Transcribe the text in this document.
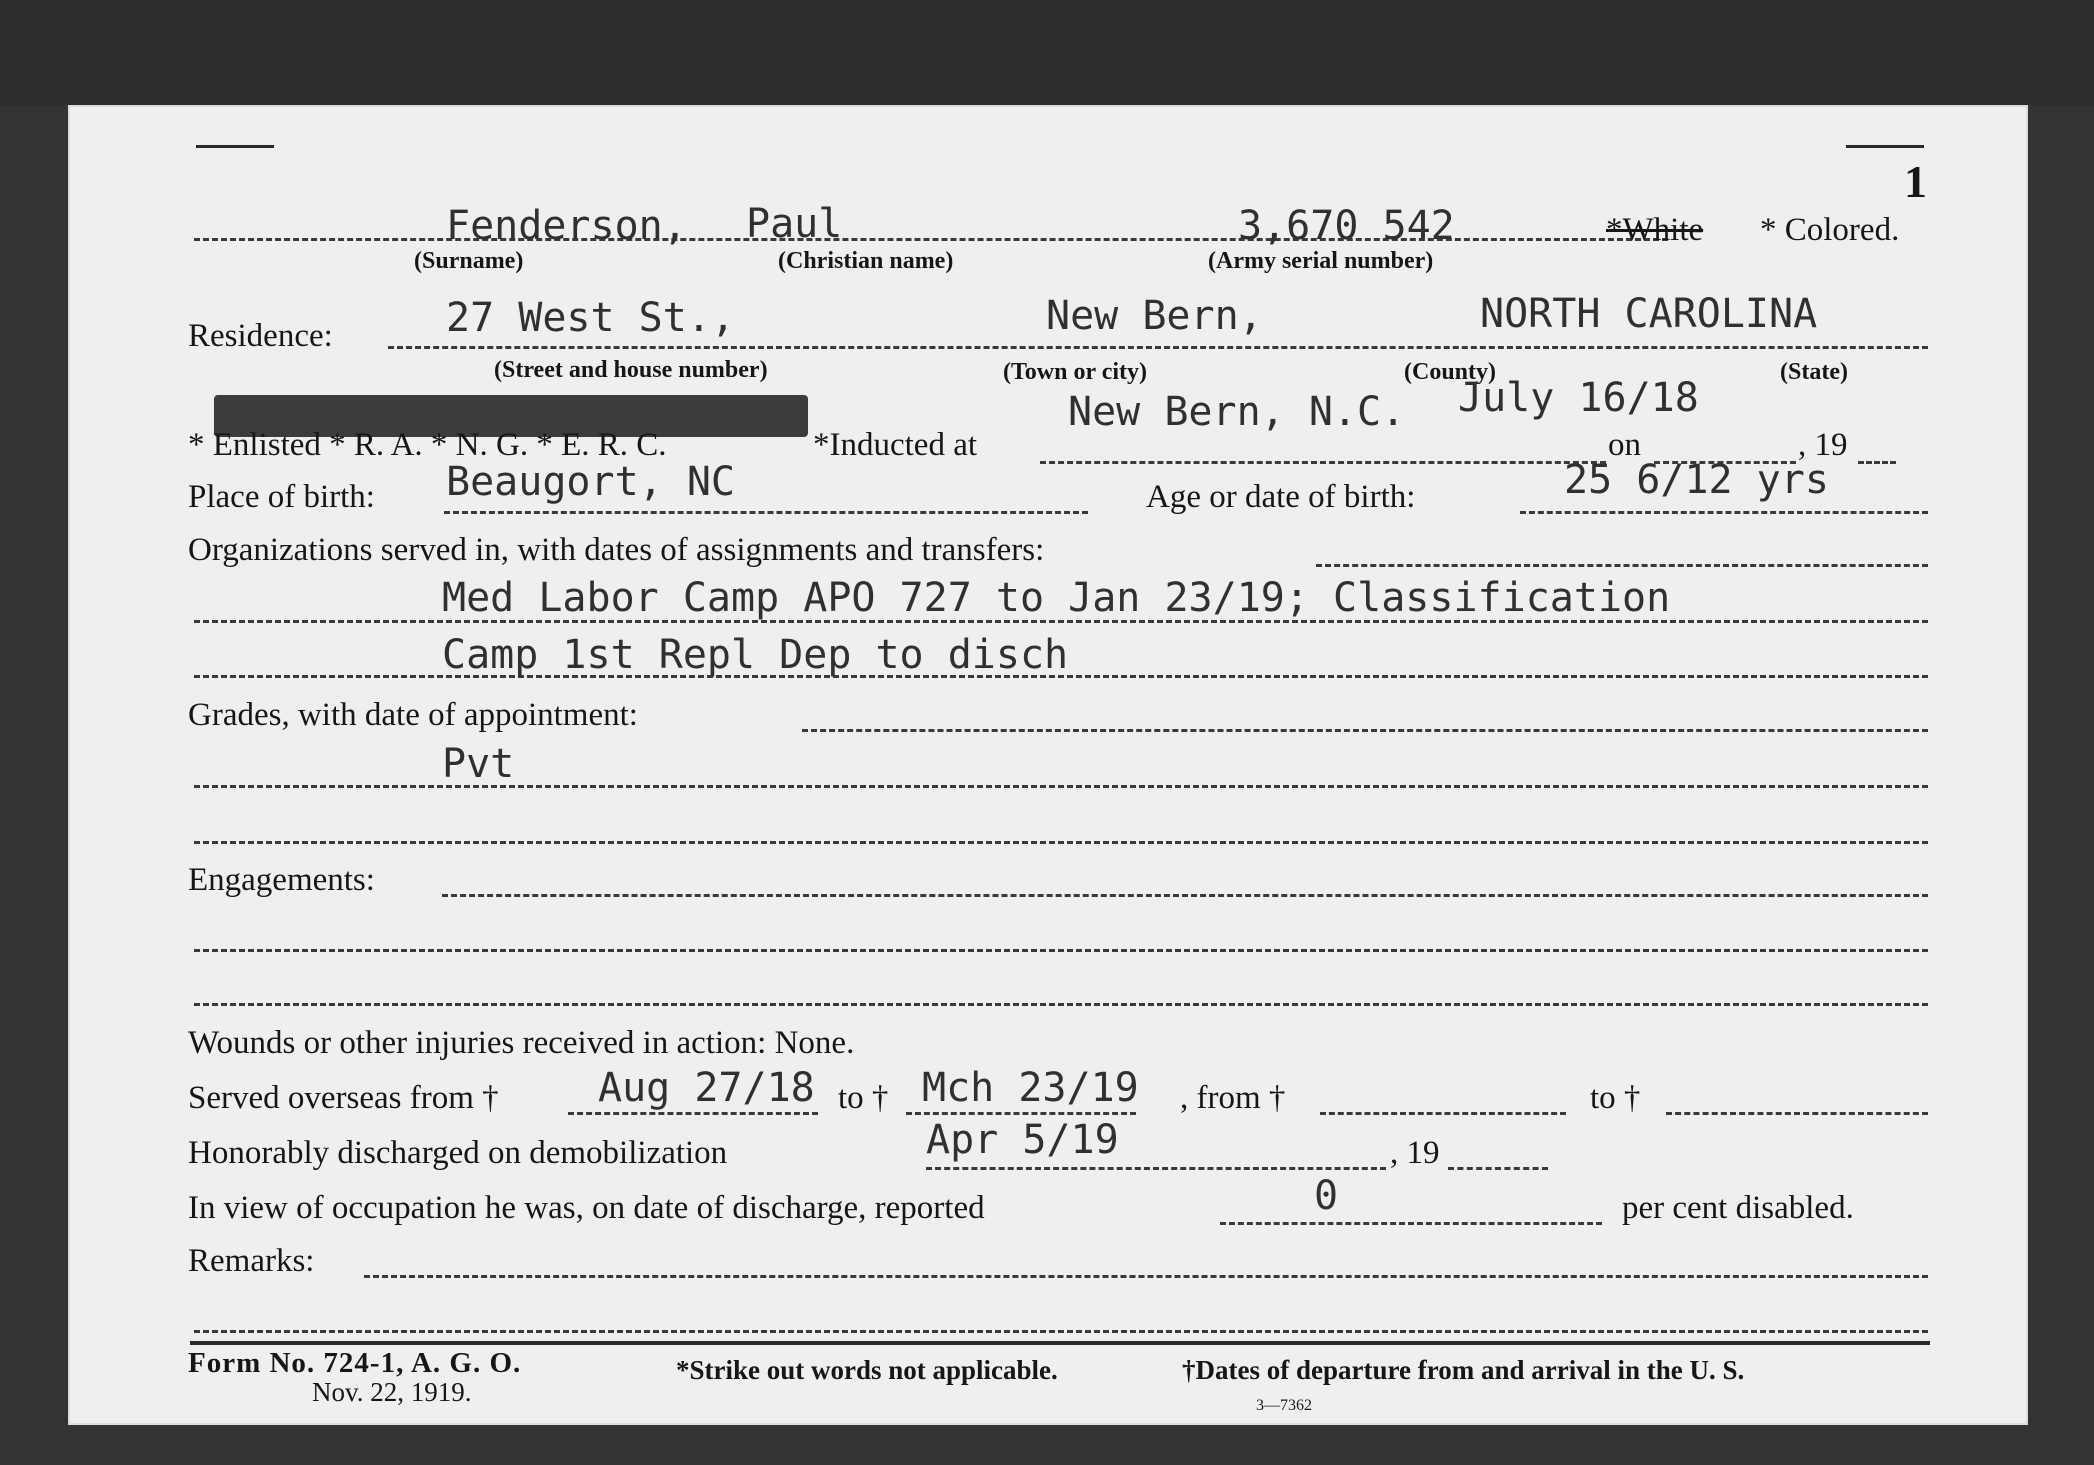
1
Fenderson, Paul	3,670 542	*White * Colored.
(Surname)	(Christian name)	(Army serial number)
Residence:	27 West St.,	New Bern,	NORTH CAROLINA
(Street and house number)	(Town or city)	(County)	(State)
* Enlisted * R. A. * N. G. * E. R. C.	*Inducted at
New Bern, N.C. July 16/18
on	, 19
Place of birth: Beaugort, NC	Age or date of birth:	25 6/12 yrs
Organizations served in, with dates of assignments and transfers:
Med Labor Camp APO 727 to Jan 23/19; Classification
Camp 1st Repl Dep to disch
Grades, with date of appointment:
Pvt
Engagements:
Wounds or other injuries received in action: None.
Served overseas from † Aug 27/18 to † Mch 23/19 , from †	to †
Honorably discharged on demobilization	Apr 5/19	, 19
In view of occupation he was, on date of discharge, reported	0	per cent disabled.
Remarks:
Form No. 724-1, A. G. O.
Nov. 22, 1919.
*Strike out words not applicable.	†Dates of departure from and arrival in the U. S.
3—7362
